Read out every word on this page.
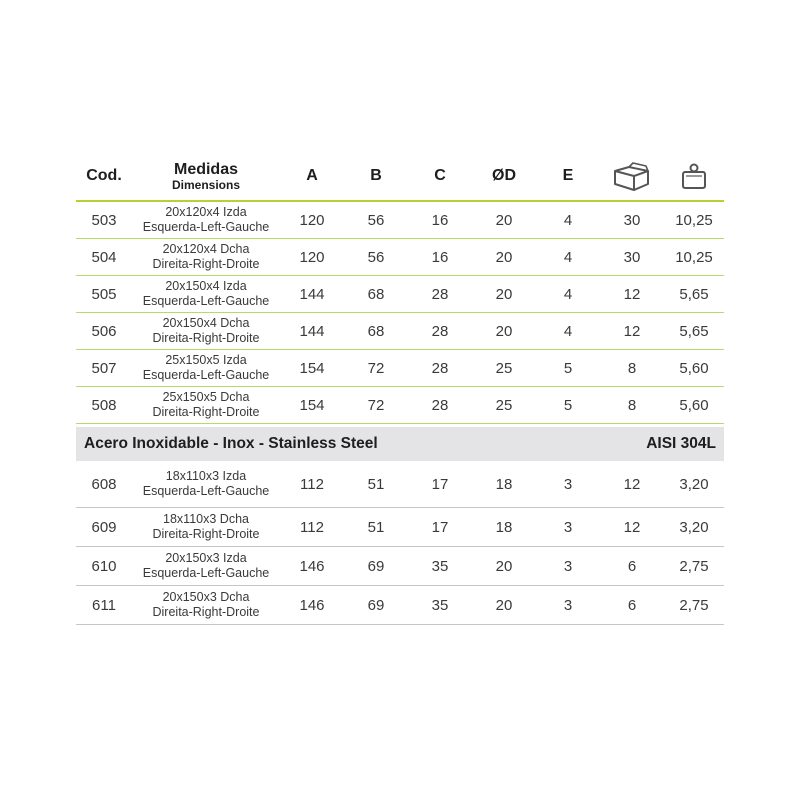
Cod.	Medidas
Dimensions
A	B	C	ØD	E
503	20x120x4 Izda
Esquerda-Left-Gauche	120	56	16	20	4	30	10,25
504	20x120x4 Dcha
Direita-Right-Droite	120	56	16	20	4	30	10,25
505	20x150x4 Izda
Esquerda-Left-Gauche	144	68	28	20	4	12	5,65
506	20x150x4 Dcha
Direita-Right-Droite	144	68	28	20	4	12	5,65
507	25x150x5 Izda
Esquerda-Left-Gauche	154	72	28	25	5	8	5,60
508	25x150x5 Dcha
Direita-Right-Droite	154	72	28	25	5	8	5,60
Acero Inoxidable - Inox - Stainless Steel	AISI 304L
608	18x110x3 Izda
Esquerda-Left-Gauche	112	51	17	18	3	12	3,20
609	18x110x3 Dcha
Direita-Right-Droite	112	51	17	18	3	12	3,20
610	20x150x3 Izda
Esquerda-Left-Gauche	146	69	35	20	3	6	2,75
611	20x150x3 Dcha
Direita-Right-Droite	146	69	35	20	3	6	2,75
